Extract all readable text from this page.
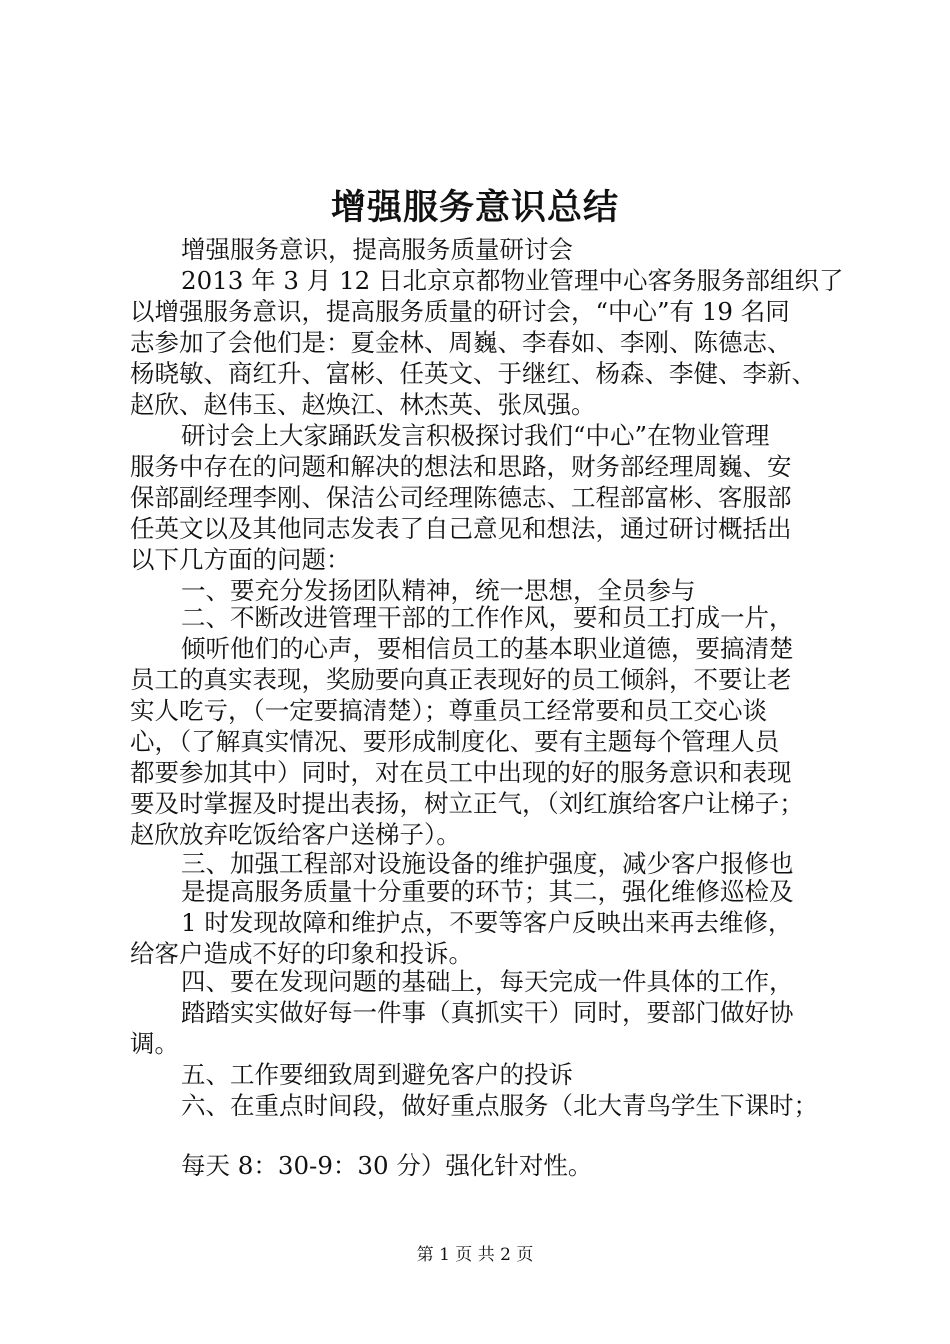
增强服务意识总结
增强服务意识，提高服务质量研讨会
2013 年 3 月 12 日北京京都物业管理中心客务服务部组织了
以增强服务意识，提高服务质量的研讨会，“中心”有 19 名同
志参加了会他们是：夏金林、周巍、李春如、李刚、陈德志、
杨晓敏、商红升、富彬、任英文、于继红、杨森、李健、李新、
赵欣、赵伟玉、赵焕江、林杰英、张凤强。
研讨会上大家踊跃发言积极探讨我们“中心”在物业管理
服务中存在的问题和解决的想法和思路，财务部经理周巍、安
保部副经理李刚、保洁公司经理陈德志、工程部富彬、客服部
任英文以及其他同志发表了自己意见和想法，通过研讨概括出
以下几方面的问题：
一、要充分发扬团队精神，统一思想，全员参与
二、不断改进管理干部的工作作风，要和员工打成一片，
倾听他们的心声，要相信员工的基本职业道德，要搞清楚
员工的真实表现，奖励要向真正表现好的员工倾斜，不要让老
实人吃亏，（一定要搞清楚）；尊重员工经常要和员工交心谈
心，（了解真实情况、要形成制度化、要有主题每个管理人员
都要参加其中）同时，对在员工中出现的好的服务意识和表现
要及时掌握及时提出表扬，树立正气，（刘红旗给客户让梯子；
赵欣放弃吃饭给客户送梯子）。
三、加强工程部对设施设备的维护强度，减少客户报修也
是提高服务质量十分重要的环节；其二，强化维修巡检及
1 时发现故障和维护点，不要等客户反映出来再去维修，
给客户造成不好的印象和投诉。
四、要在发现问题的基础上，每天完成一件具体的工作，
踏踏实实做好每一件事（真抓实干）同时，要部门做好协
调。
五、工作要细致周到避免客户的投诉
六、在重点时间段，做好重点服务（北大青鸟学生下课时；
每天 8：30-9：30 分）强化针对性。
第 1 页 共 2 页
